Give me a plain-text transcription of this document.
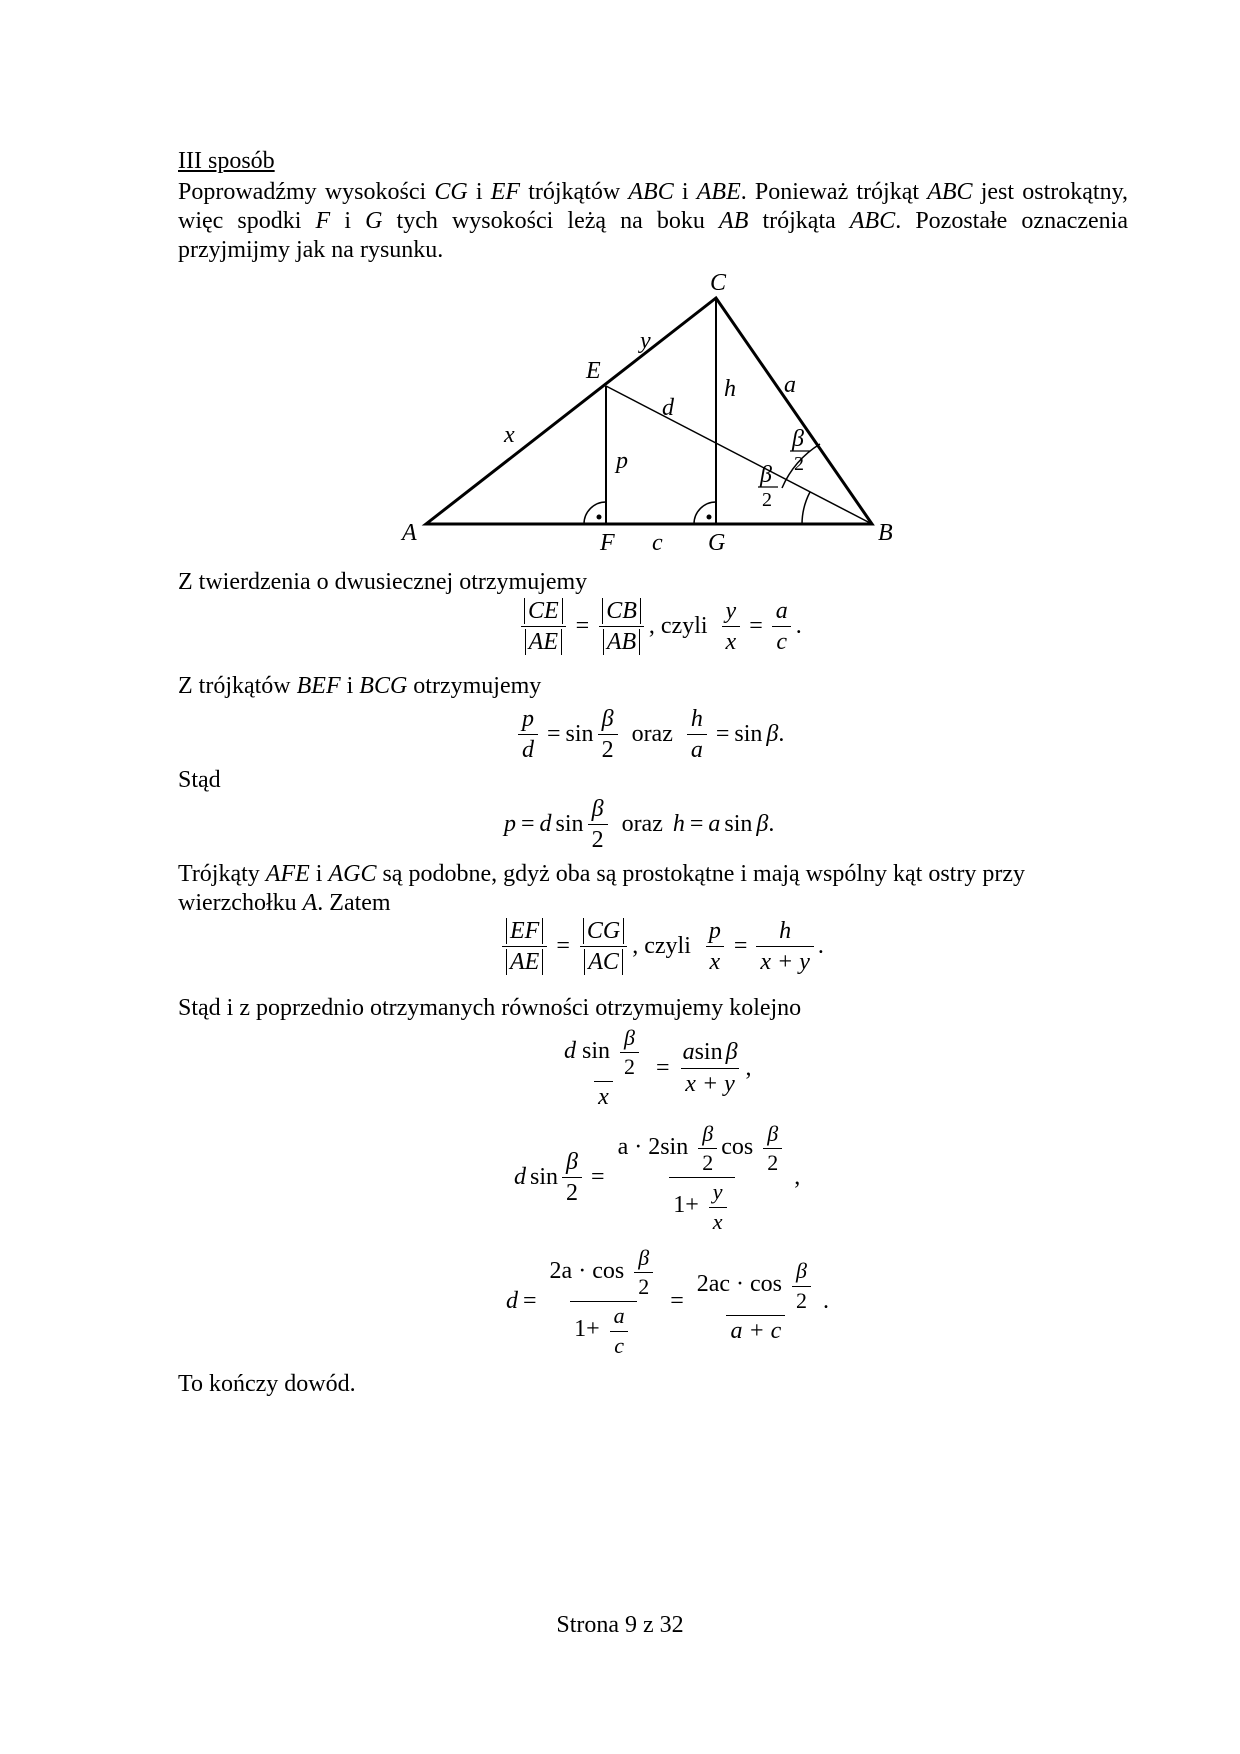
III sposób
Poprowadźmy wysokości CG i EF trójkątów ABC i ABE. Ponieważ trójkąt ABC jest ostrokątny, więc spodki F i G tych wysokości leżą na boku AB trójkąta ABC. Pozostałe oznaczenia przyjmijmy jak na rysunku.
A	B
C
E
F	G
x
y
d
h a
p
c
β
β 2
2
Z twierdzenia o dwusiecznej otrzymujemy
$\frac{CE}{AE} = \frac{CB}{AB}$ , czyli $\frac{y}{x} = \frac{a}{c}$ .
Z trójkątów BEF i BCG otrzymujemy
$\frac{p}{d} = \sin \frac{\beta}{2}$ oraz $\frac{h}{a} = \sin \beta$ .
Stąd
p = d $\sin \frac{\beta}{2}$ oraz h = a sin β .
Trójkąty AFE i AGC są podobne, gdyż oba są prostokątne i mają wspólny kąt ostry przy wierzchołku A. Zatem
$\frac{EF}{AE} = \frac{CG}{AC}$ , czyli $\frac{p}{x} = \frac{h}{x + y}$ .
Stąd i z poprzednio otrzymanych równości otrzymujemy kolejno
$\frac{d \sin \frac{\beta}{2}}{x} = \frac{\text{asin β}}{x + y}$ ,
d $\sin \frac{\beta}{2} = \frac{a \cdot 2\sin \frac{\beta}{2} \cos \frac{\beta}{2}}{1+ \frac{y}{x}}$ ,
$d = \frac{2a \cdot \cos \frac{\beta}{2}}{1+ \frac{a}{c}} = \frac{2ac \cdot \cos \frac{\beta}{2}}{a + c}$ .
To kończy dowód.
Strona 9 z 32
